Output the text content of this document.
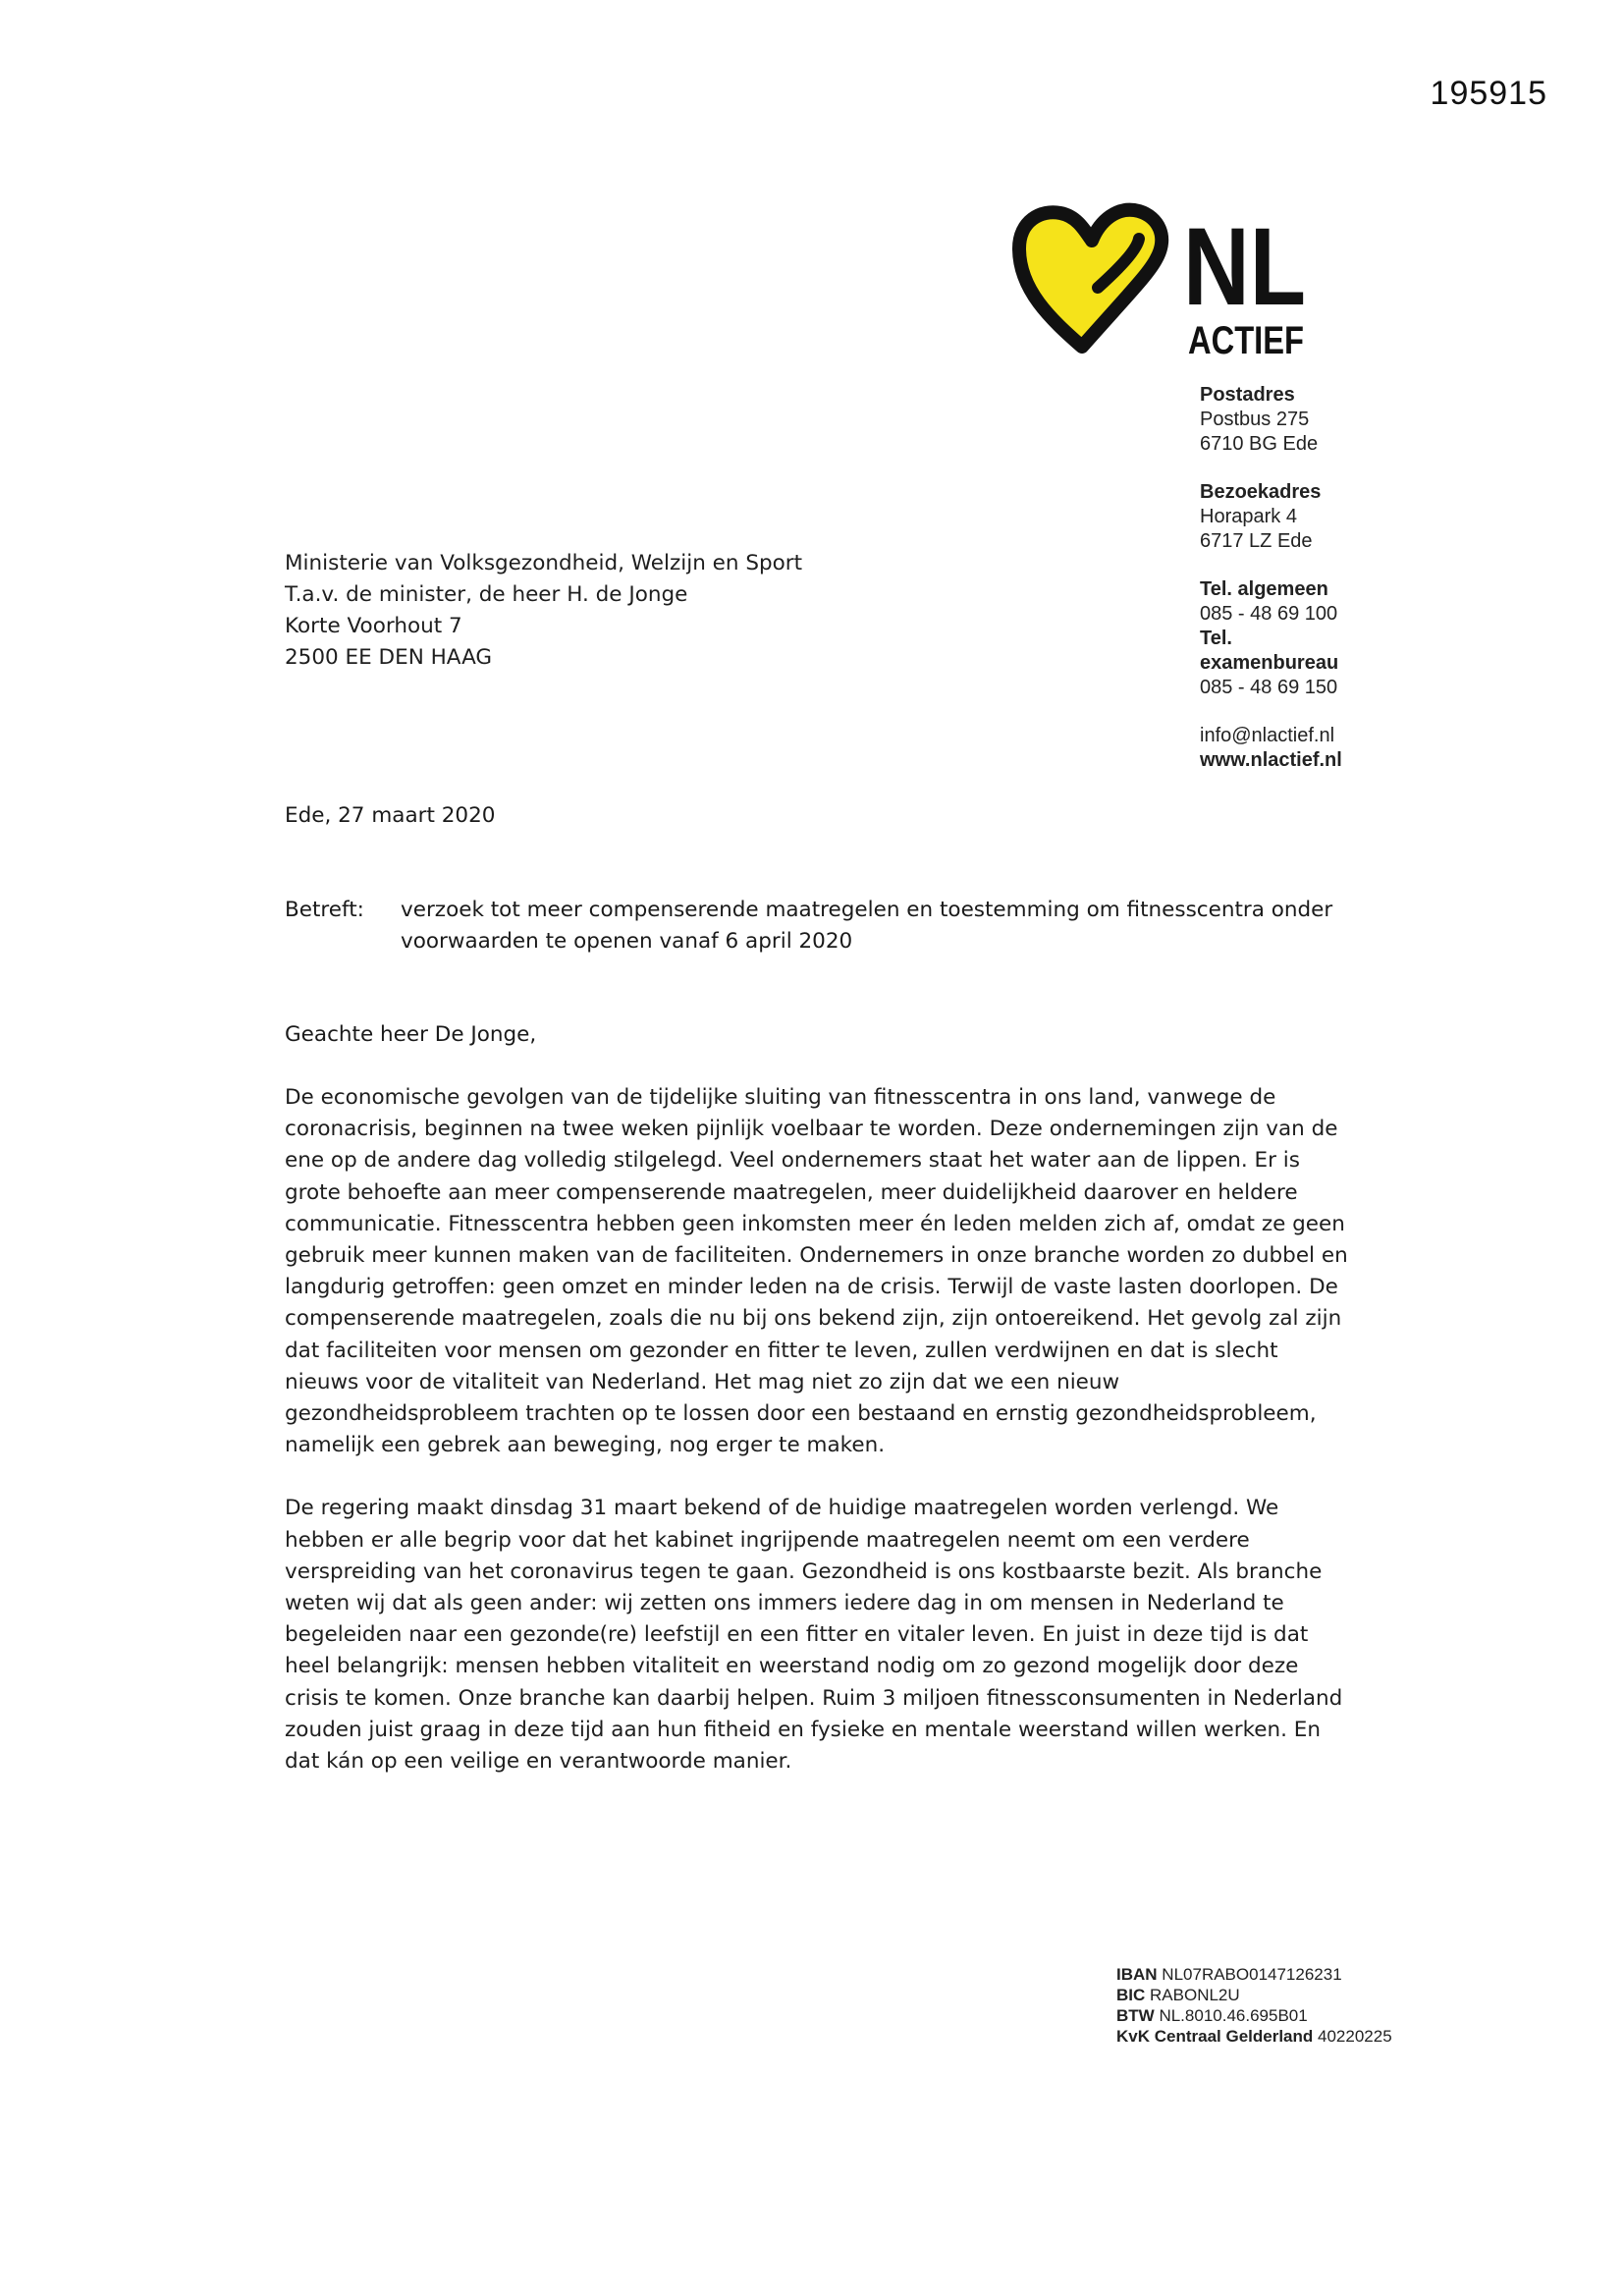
195915
NL
ACTIEF
Postadres
Postbus 275
6710 BG Ede
Bezoekadres
Horapark 4
6717 LZ Ede
Tel. algemeen
085 - 48 69 100
Tel.
examenbureau
085 - 48 69 150
info@nlactief.nl
www.nlactief.nl
Ministerie van Volksgezondheid, Welzijn en Sport
T.a.v. de minister, de heer H. de Jonge
Korte Voorhout 7
2500 EE DEN HAAG
Ede, 27 maart 2020
Betreft:	verzoek tot meer compenserende maatregelen en toestemming om fitnesscentra onder voorwaarden te openen vanaf 6 april 2020
Geachte heer De Jonge,

De economische gevolgen van de tijdelijke sluiting van fitnesscentra in ons land, vanwege de coronacrisis, beginnen na twee weken pijnlijk voelbaar te worden. Deze ondernemingen zijn van de ene op de andere dag volledig stilgelegd. Veel ondernemers staat het water aan de lippen. Er is grote behoefte aan meer compenserende maatregelen, meer duidelijkheid daarover en heldere communicatie. Fitnesscentra hebben geen inkomsten meer én leden melden zich af, omdat ze geen gebruik meer kunnen maken van de faciliteiten. Ondernemers in onze branche worden zo dubbel en langdurig getroffen: geen omzet en minder leden na de crisis. Terwijl de vaste lasten doorlopen. De compenserende maatregelen, zoals die nu bij ons bekend zijn, zijn ontoereikend. Het gevolg zal zijn dat faciliteiten voor mensen om gezonder en fitter te leven, zullen verdwijnen en dat is slecht nieuws voor de vitaliteit van Nederland. Het mag niet zo zijn dat we een nieuw gezondheidsprobleem trachten op te lossen door een bestaand en ernstig gezondheidsprobleem, namelijk een gebrek aan beweging, nog erger te maken.

De regering maakt dinsdag 31 maart bekend of de huidige maatregelen worden verlengd. We hebben er alle begrip voor dat het kabinet ingrijpende maatregelen neemt om een verdere verspreiding van het coronavirus tegen te gaan. Gezondheid is ons kostbaarste bezit. Als branche weten wij dat als geen ander: wij zetten ons immers iedere dag in om mensen in Nederland te begeleiden naar een gezonde(re) leefstijl en een fitter en vitaler leven. En juist in deze tijd is dat heel belangrijk: mensen hebben vitaliteit en weerstand nodig om zo gezond mogelijk door deze crisis te komen. Onze branche kan daarbij helpen. Ruim 3 miljoen fitnessconsumenten in Nederland zouden juist graag in deze tijd aan hun fitheid en fysieke en mentale weerstand willen werken. En dat kán op een veilige en verantwoorde manier.

IBAN NL07RABO0147126231
BIC RABONL2U
BTW NL.8010.46.695B01
KvK Centraal Gelderland 40220225
